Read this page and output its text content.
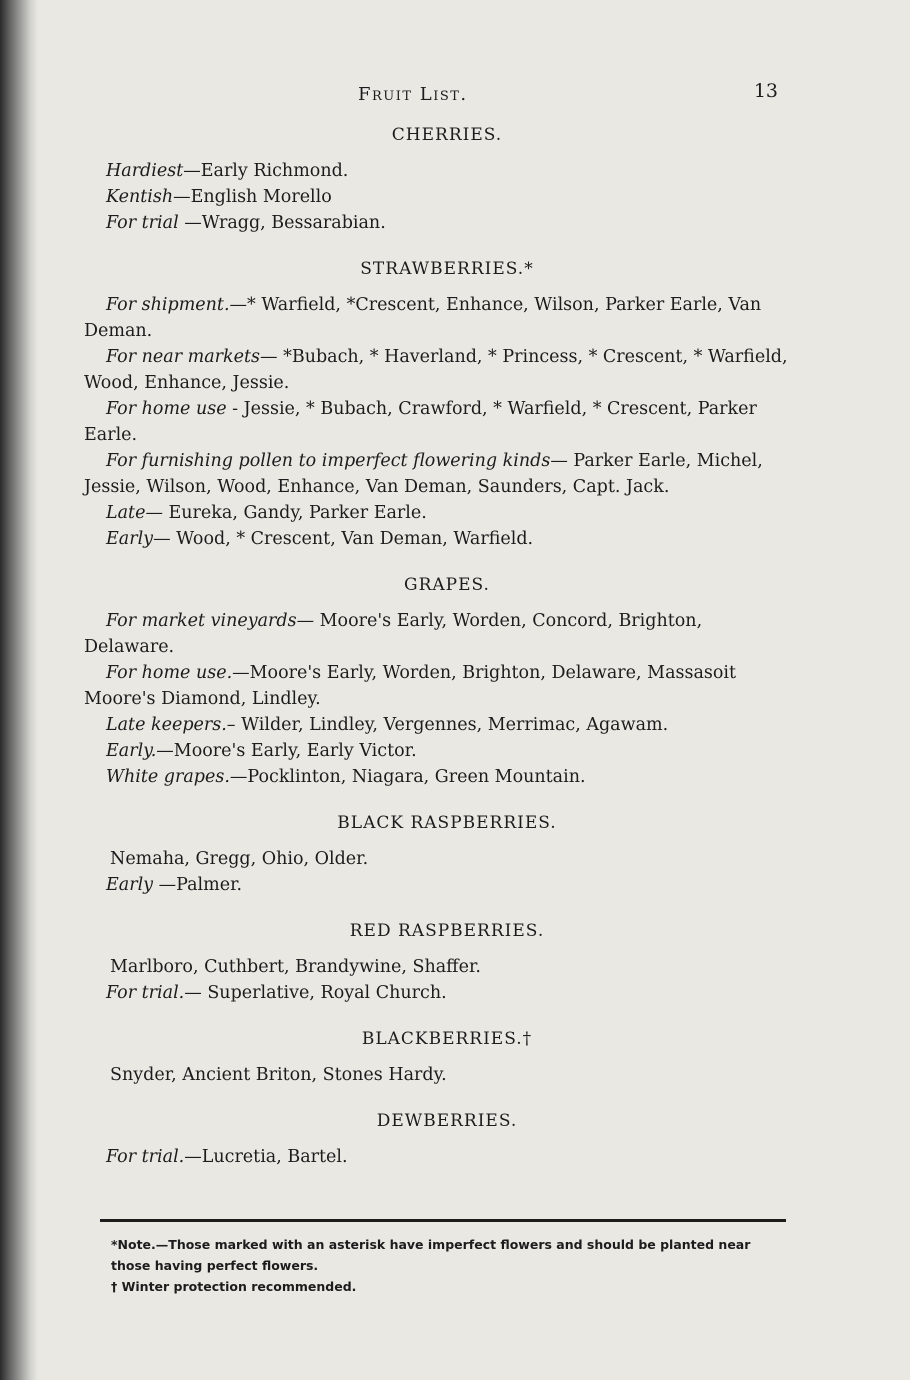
Fruit List.	13

CHERRIES.

Hardiest—Early Richmond.

Kentish—English Morello

For trial —Wragg, Bessarabian.

STRAWBERRIES.*

For shipment.—* Warfield, *Crescent, Enhance, Wilson, Parker Earle, Van Deman.

For near markets— *Bubach, * Haverland, * Princess, * Crescent, * Warfield, Wood, Enhance, Jessie.

For home use - Jessie, * Bubach, Crawford, * Warfield, * Crescent, Parker Earle.

For furnishing pollen to imperfect flowering kinds— Parker Earle, Michel, Jessie, Wilson, Wood, Enhance, Van Deman, Saunders, Capt. Jack.

Late— Eureka, Gandy, Parker Earle.

Early— Wood, * Crescent, Van Deman, Warfield.

GRAPES.

For market vineyards— Moore's Early, Worden, Concord, Brighton, Delaware.

For home use.—Moore's Early, Worden, Brighton, Delaware, Massasoit Moore's Diamond, Lindley.

Late keepers.– Wilder, Lindley, Vergennes, Merrimac, Agawam.

Early.—Moore's Early, Early Victor.

White grapes.—Pocklinton, Niagara, Green Mountain.

BLACK RASPBERRIES.

Nemaha, Gregg, Ohio, Older.

Early —Palmer.

RED RASPBERRIES.

Marlboro, Cuthbert, Brandywine, Shaffer.

For trial.— Superlative, Royal Church.

BLACKBERRIES.†

Snyder, Ancient Briton, Stones Hardy.

DEWBERRIES.

For trial.—Lucretia, Bartel.

*Note.—Those marked with an asterisk have imperfect flowers and should be planted near those having perfect flowers.

† Winter protection recommended.
